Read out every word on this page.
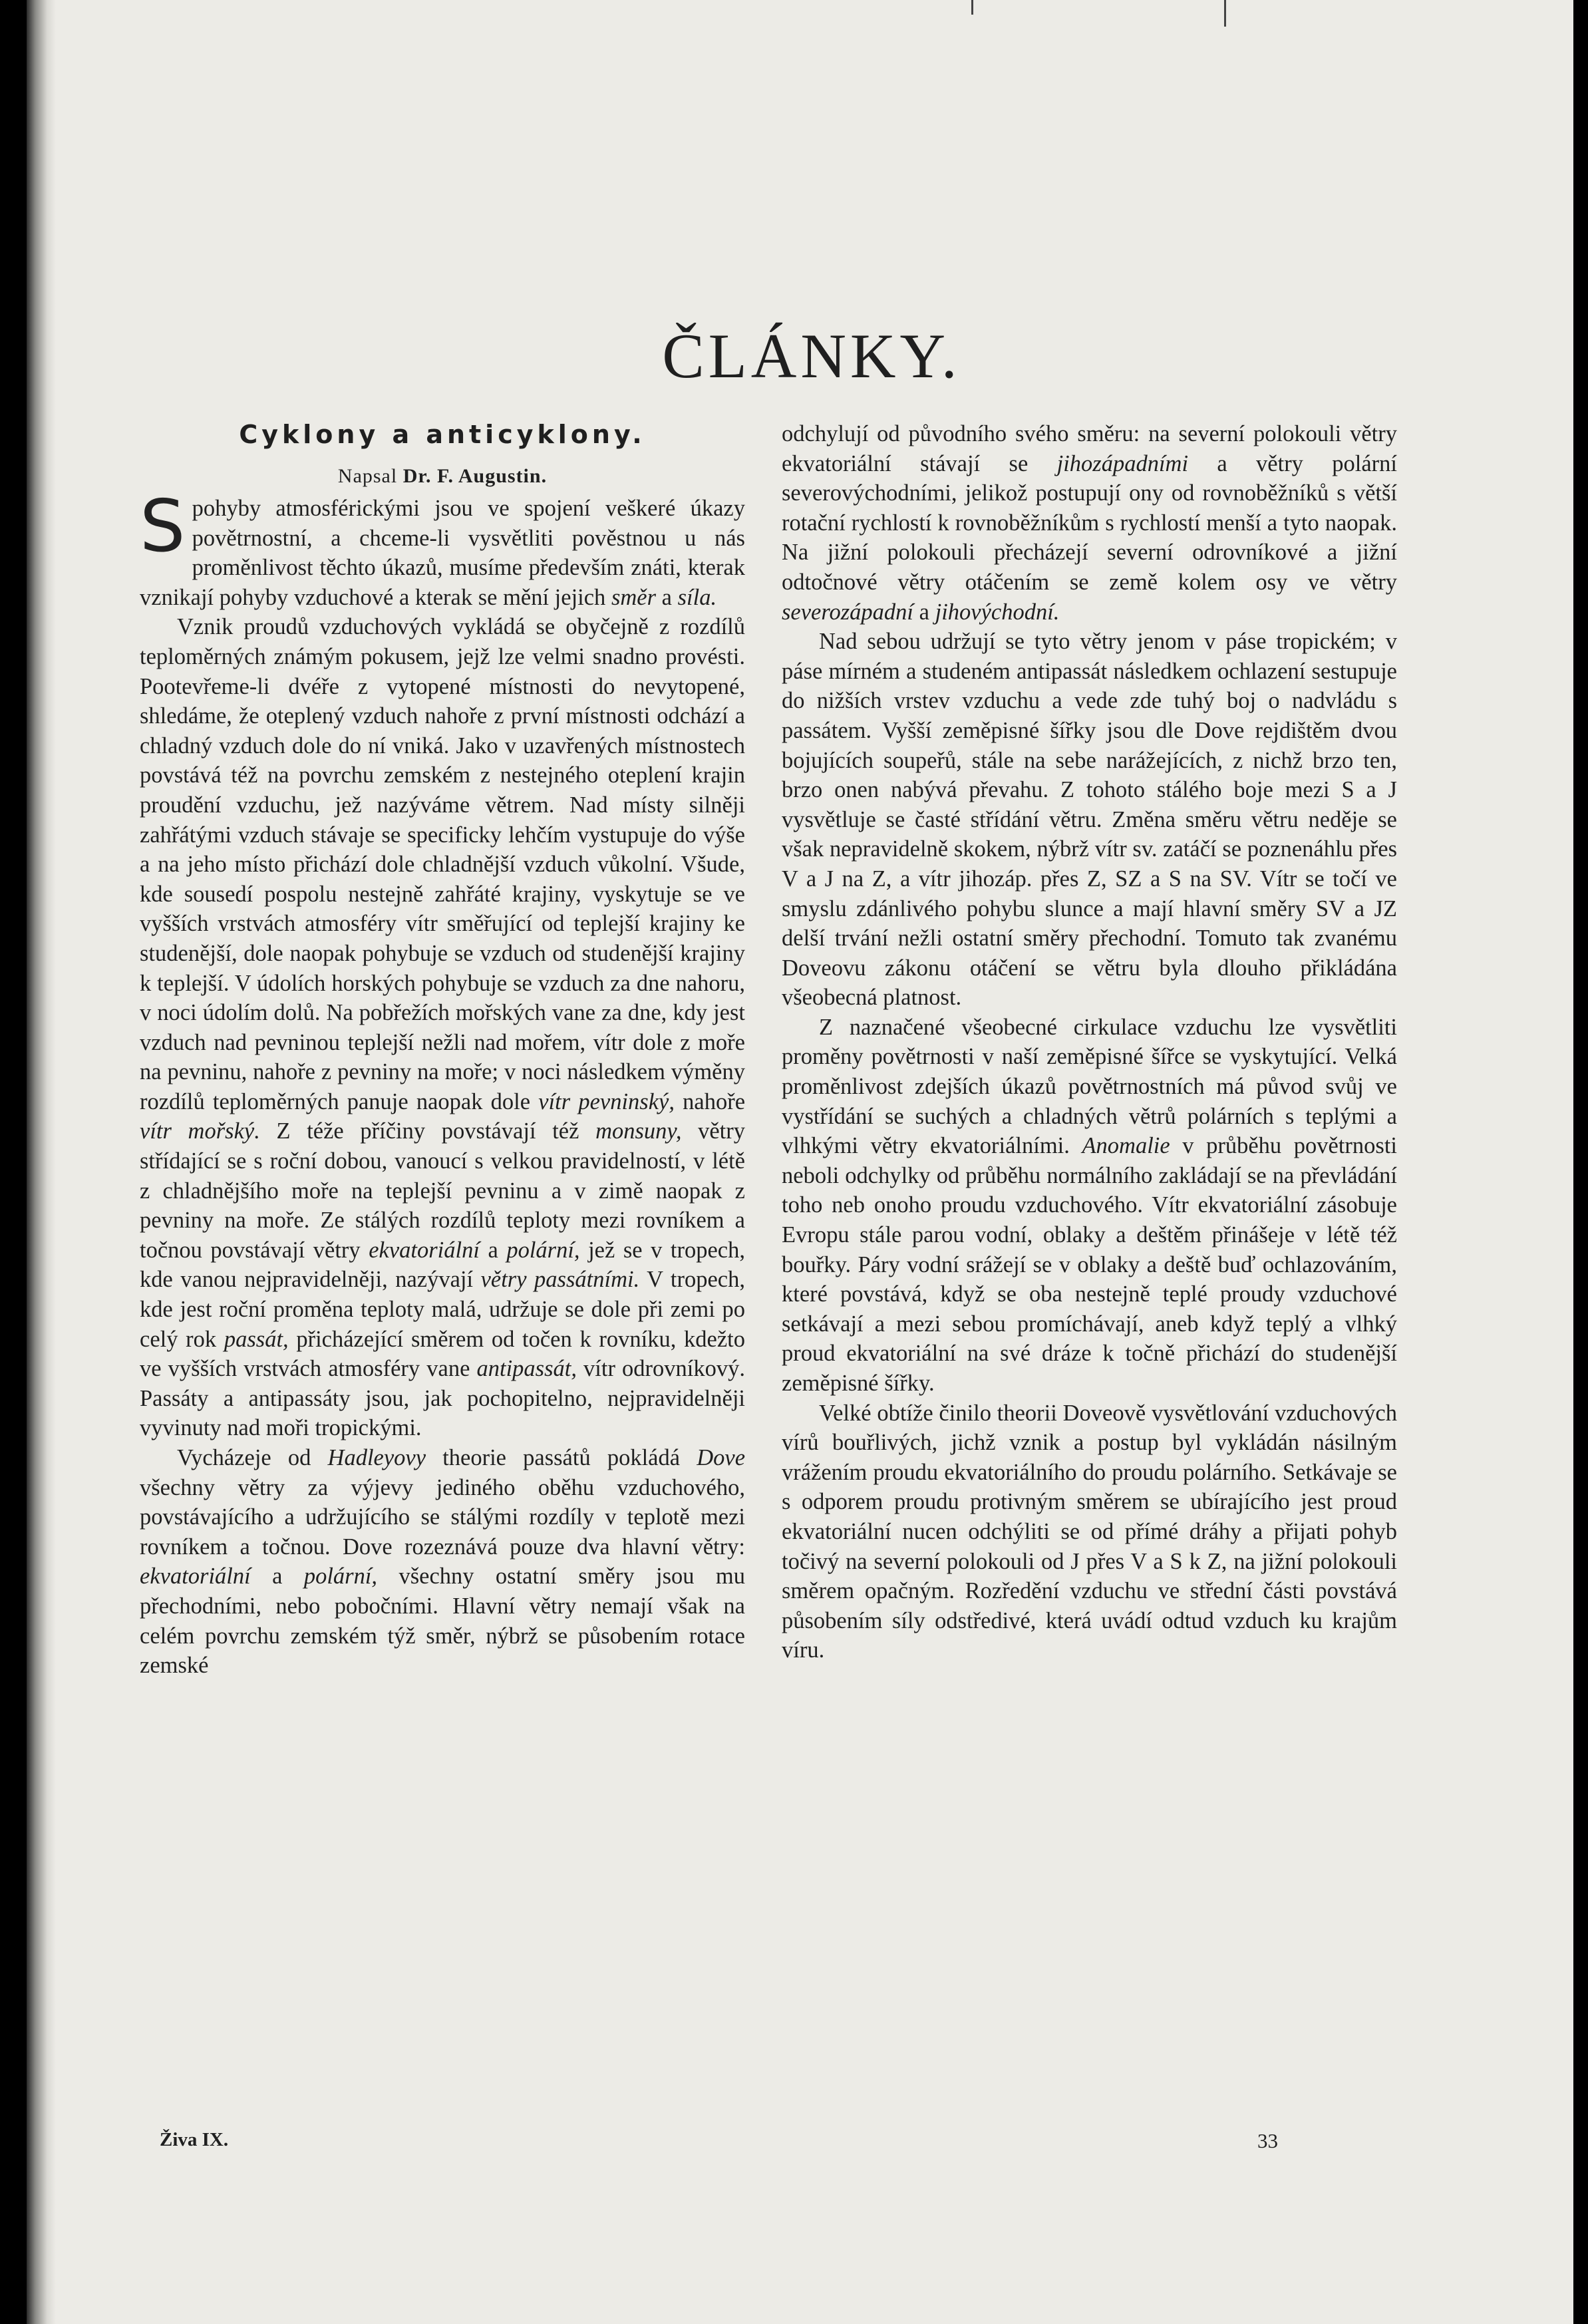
ČLÁNKY.
Cyklony a anticyklony.
Napsal Dr. F. Augustin.

Spohyby atmosférickými jsou ve spojení veškeré úkazy povětrnostní, a chceme-li vysvětliti pověstnou u nás proměnlivost těchto úkazů, musíme především znáti, kterak vznikají pohyby vzduchové a kterak se mění jejich směr a síla.

Vznik proudů vzduchových vykládá se obyčejně z rozdílů teploměrných známým pokusem, jejž lze velmi snadno provésti. Pootevřeme-li dvéře z vytopené místnosti do nevytopené, shledáme, že oteplený vzduch nahoře z první místnosti odchází a chladný vzduch dole do ní vniká. Jako v uzavřených místnostech povstává též na povrchu zemském z nestejného oteplení krajin proudění vzduchu, jež nazýváme větrem. Nad místy silněji zahřátými vzduch stávaje se specificky lehčím vystupuje do výše a na jeho místo přichází dole chladnější vzduch vůkolní. Všude, kde sousedí pospolu nestejně zahřáté krajiny, vyskytuje se ve vyšších vrstvách atmosféry vítr směřující od teplejší krajiny ke studenější, dole naopak pohybuje se vzduch od studenější krajiny k teplejší. V údolích horských pohybuje se vzduch za dne nahoru, v noci údolím dolů. Na pobřežích mořských vane za dne, kdy jest vzduch nad pevninou teplejší nežli nad mořem, vítr dole z moře na pevninu, nahoře z pevniny na moře; v noci následkem výměny rozdílů teploměrných panuje naopak dole vítr pevninský, nahoře vítr mořský. Z téže příčiny povstávají též monsuny, větry střídající se s roční dobou, vanoucí s velkou pravidelností, v létě z chladnějšího moře na teplejší pevninu a v zimě naopak z pevniny na moře. Ze stálých rozdílů teploty mezi rovníkem a točnou povstávají větry ekvatoriální a polární, jež se v tropech, kde vanou nejpravidelněji, nazývají větry passátními. V tropech, kde jest roční proměna teploty malá, udržuje se dole při zemi po celý rok passát, přicházející směrem od točen k rovníku, kdežto ve vyšších vrstvách atmosféry vane antipassát, vítr odrovníkový. Passáty a antipassáty jsou, jak pochopitelno, nejpravidelněji vyvinuty nad moři tropickými.

Vycházeje od Hadleyovy theorie passátů pokládá Dove všechny větry za výjevy jediného oběhu vzduchového, povstávajícího a udržujícího se stálými rozdíly v teplotě mezi rovníkem a točnou. Dove rozeznává pouze dva hlavní větry: ekvatoriální a polární, všechny ostatní směry jsou mu přechodními, nebo pobočními. Hlavní větry nemají však na celém povrchu zemském týž směr, nýbrž se působením rotace zemské

odchylují od původního svého směru: na severní polokouli větry ekvatoriální stávají se jihozápadními a větry polární severovýchodními, jelikož postupují ony od rovnoběžníků s větší rotační rychlostí k rovnoběžníkům s rychlostí menší a tyto naopak. Na jižní polokouli přecházejí severní odrovníkové a jižní odtočnové větry otáčením se země kolem osy ve větry severozápadní a jihovýchodní.

Nad sebou udržují se tyto větry jenom v páse tropickém; v páse mírném a studeném antipassát následkem ochlazení sestupuje do nižších vrstev vzduchu a vede zde tuhý boj o nadvládu s passátem. Vyšší zeměpisné šířky jsou dle Dove rejdištěm dvou bojujících soupeřů, stále na sebe narážejících, z nichž brzo ten, brzo onen nabývá převahu. Z tohoto stálého boje mezi S a J vysvětluje se časté střídání větru. Změna směru větru neděje se však nepravidelně skokem, nýbrž vítr sv. zatáčí se poznenáhlu přes V a J na Z, a vítr jihozáp. přes Z, SZ a S na SV. Vítr se točí ve smyslu zdánlivého pohybu slunce a mají hlavní směry SV a JZ delší trvání nežli ostatní směry přechodní. Tomuto tak zvanému Doveovu zákonu otáčení se větru byla dlouho přikládána všeobecná platnost.

Z naznačené všeobecné cirkulace vzduchu lze vysvětliti proměny povětrnosti v naší zeměpisné šířce se vyskytující. Velká proměnlivost zdejších úkazů povětrnostních má původ svůj ve vystřídání se suchých a chladných větrů polárních s teplými a vlhkými větry ekvatoriálními. Anomalie v průběhu povětrnosti neboli odchylky od průběhu normálního zakládají se na převládání toho neb onoho proudu vzduchového. Vítr ekvatoriální zásobuje Evropu stále parou vodní, oblaky a deštěm přinášeje v létě též bouřky. Páry vodní srážejí se v oblaky a deště buď ochlazováním, které povstává, když se oba nestejně teplé proudy vzduchové setkávají a mezi sebou promíchávají, aneb když teplý a vlhký proud ekvatoriální na své dráze k točně přichází do studenější zeměpisné šířky.

Velké obtíže činilo theorii Doveově vysvětlování vzduchových vírů bouřlivých, jichž vznik a postup byl vykládán násilným vrážením proudu ekvatoriálního do proudu polárního. Setkávaje se s odporem proudu protivným směrem se ubírajícího jest proud ekvatoriální nucen odchýliti se od přímé dráhy a přijati pohyb točivý na severní polokouli od J přes V a S k Z, na jižní polokouli směrem opačným. Rozředění vzduchu ve střední části povstává působením síly odstředivé, která uvádí odtud vzduch ku krajům víru.

Živa IX.	33
